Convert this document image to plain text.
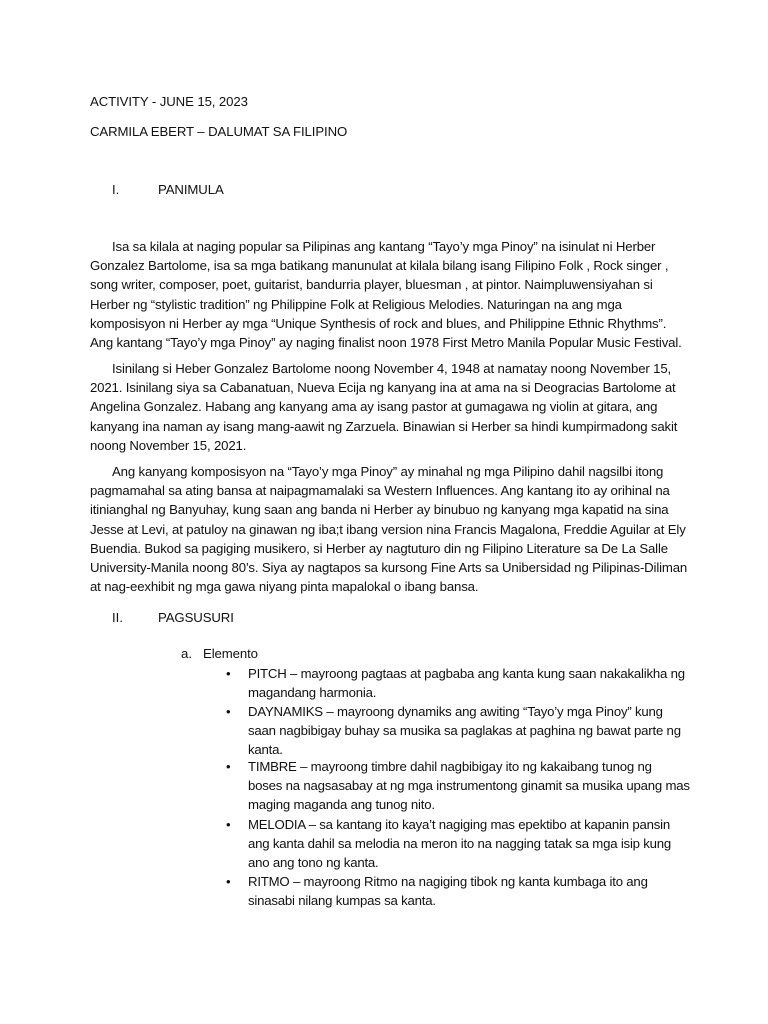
ACTIVITY - JUNE 15, 2023

CARMILA EBERT – DALUMAT SA FILIPINO

I.	PANIMULA
Isa sa kilala at naging popular sa Pilipinas ang kantang “Tayo’y mga Pinoy” na isinulat ni Herber
Gonzalez Bartolome, isa sa mga batikang manunulat at kilala bilang isang Filipino Folk , Rock singer ,
song writer, composer, poet, guitarist, bandurria player, bluesman , at pintor. Naimpluwensiyahan si
Herber ng “stylistic tradition” ng Philippine Folk at Religious Melodies. Naturingan na ang mga
komposisyon ni Herber ay mga “Unique Synthesis of rock and blues, and Philippine Ethnic Rhythms”.
Ang kantang “Tayo’y mga Pinoy” ay naging finalist noon 1978 First Metro Manila Popular Music Festival.
Isinilang si Heber Gonzalez Bartolome noong November 4, 1948 at namatay noong November 15,
2021. Isinilang siya sa Cabanatuan, Nueva Ecija ng kanyang ina at ama na si Deogracias Bartolome at
Angelina Gonzalez. Habang ang kanyang ama ay isang pastor at gumagawa ng violin at gitara, ang
kanyang ina naman ay isang mang-aawit ng Zarzuela. Binawian si Herber sa hindi kumpirmadong sakit
noong November 15, 2021.
Ang kanyang komposisyon na “Tayo’y mga Pinoy” ay minahal ng mga Pilipino dahil nagsilbi itong
pagmamahal sa ating bansa at naipagmamalaki sa Western Influences. Ang kantang ito ay orihinal na
itinianghal ng Banyuhay, kung saan ang banda ni Herber ay binubuo ng kanyang mga kapatid na sina
Jesse at Levi, at patuloy na ginawan ng iba;t ibang version nina Francis Magalona, Freddie Aguilar at Ely
Buendia. Bukod sa pagiging musikero, si Herber ay nagtuturo din ng Filipino Literature sa De La Salle
University-Manila noong 80’s. Siya ay nagtapos sa kursong Fine Arts sa Unibersidad ng Pilipinas-Diliman
at nag-eexhibit ng mga gawa niyang pinta mapalokal o ibang bansa.
II.	PAGSUSURI
a. Elemento
• PITCH – mayroong pagtaas at pagbaba ang kanta kung saan nakakalikha ng
magandang harmonia.
• DAYNAMIKS – mayroong dynamiks ang awiting “Tayo’y mga Pinoy” kung
saan nagbibigay buhay sa musika sa paglakas at paghina ng bawat parte ng
kanta.
• TIMBRE – mayroong timbre dahil nagbibigay ito ng kakaibang tunog ng
boses na nagsasabay at ng mga instrumentong ginamit sa musika upang mas
maging maganda ang tunog nito.
• MELODIA – sa kantang ito kaya’t nagiging mas epektibo at kapanin pansin
ang kanta dahil sa melodia na meron ito na nagging tatak sa mga isip kung
ano ang tono ng kanta.
• RITMO – mayroong Ritmo na nagiging tibok ng kanta kumbaga ito ang
sinasabi nilang kumpas sa kanta.
